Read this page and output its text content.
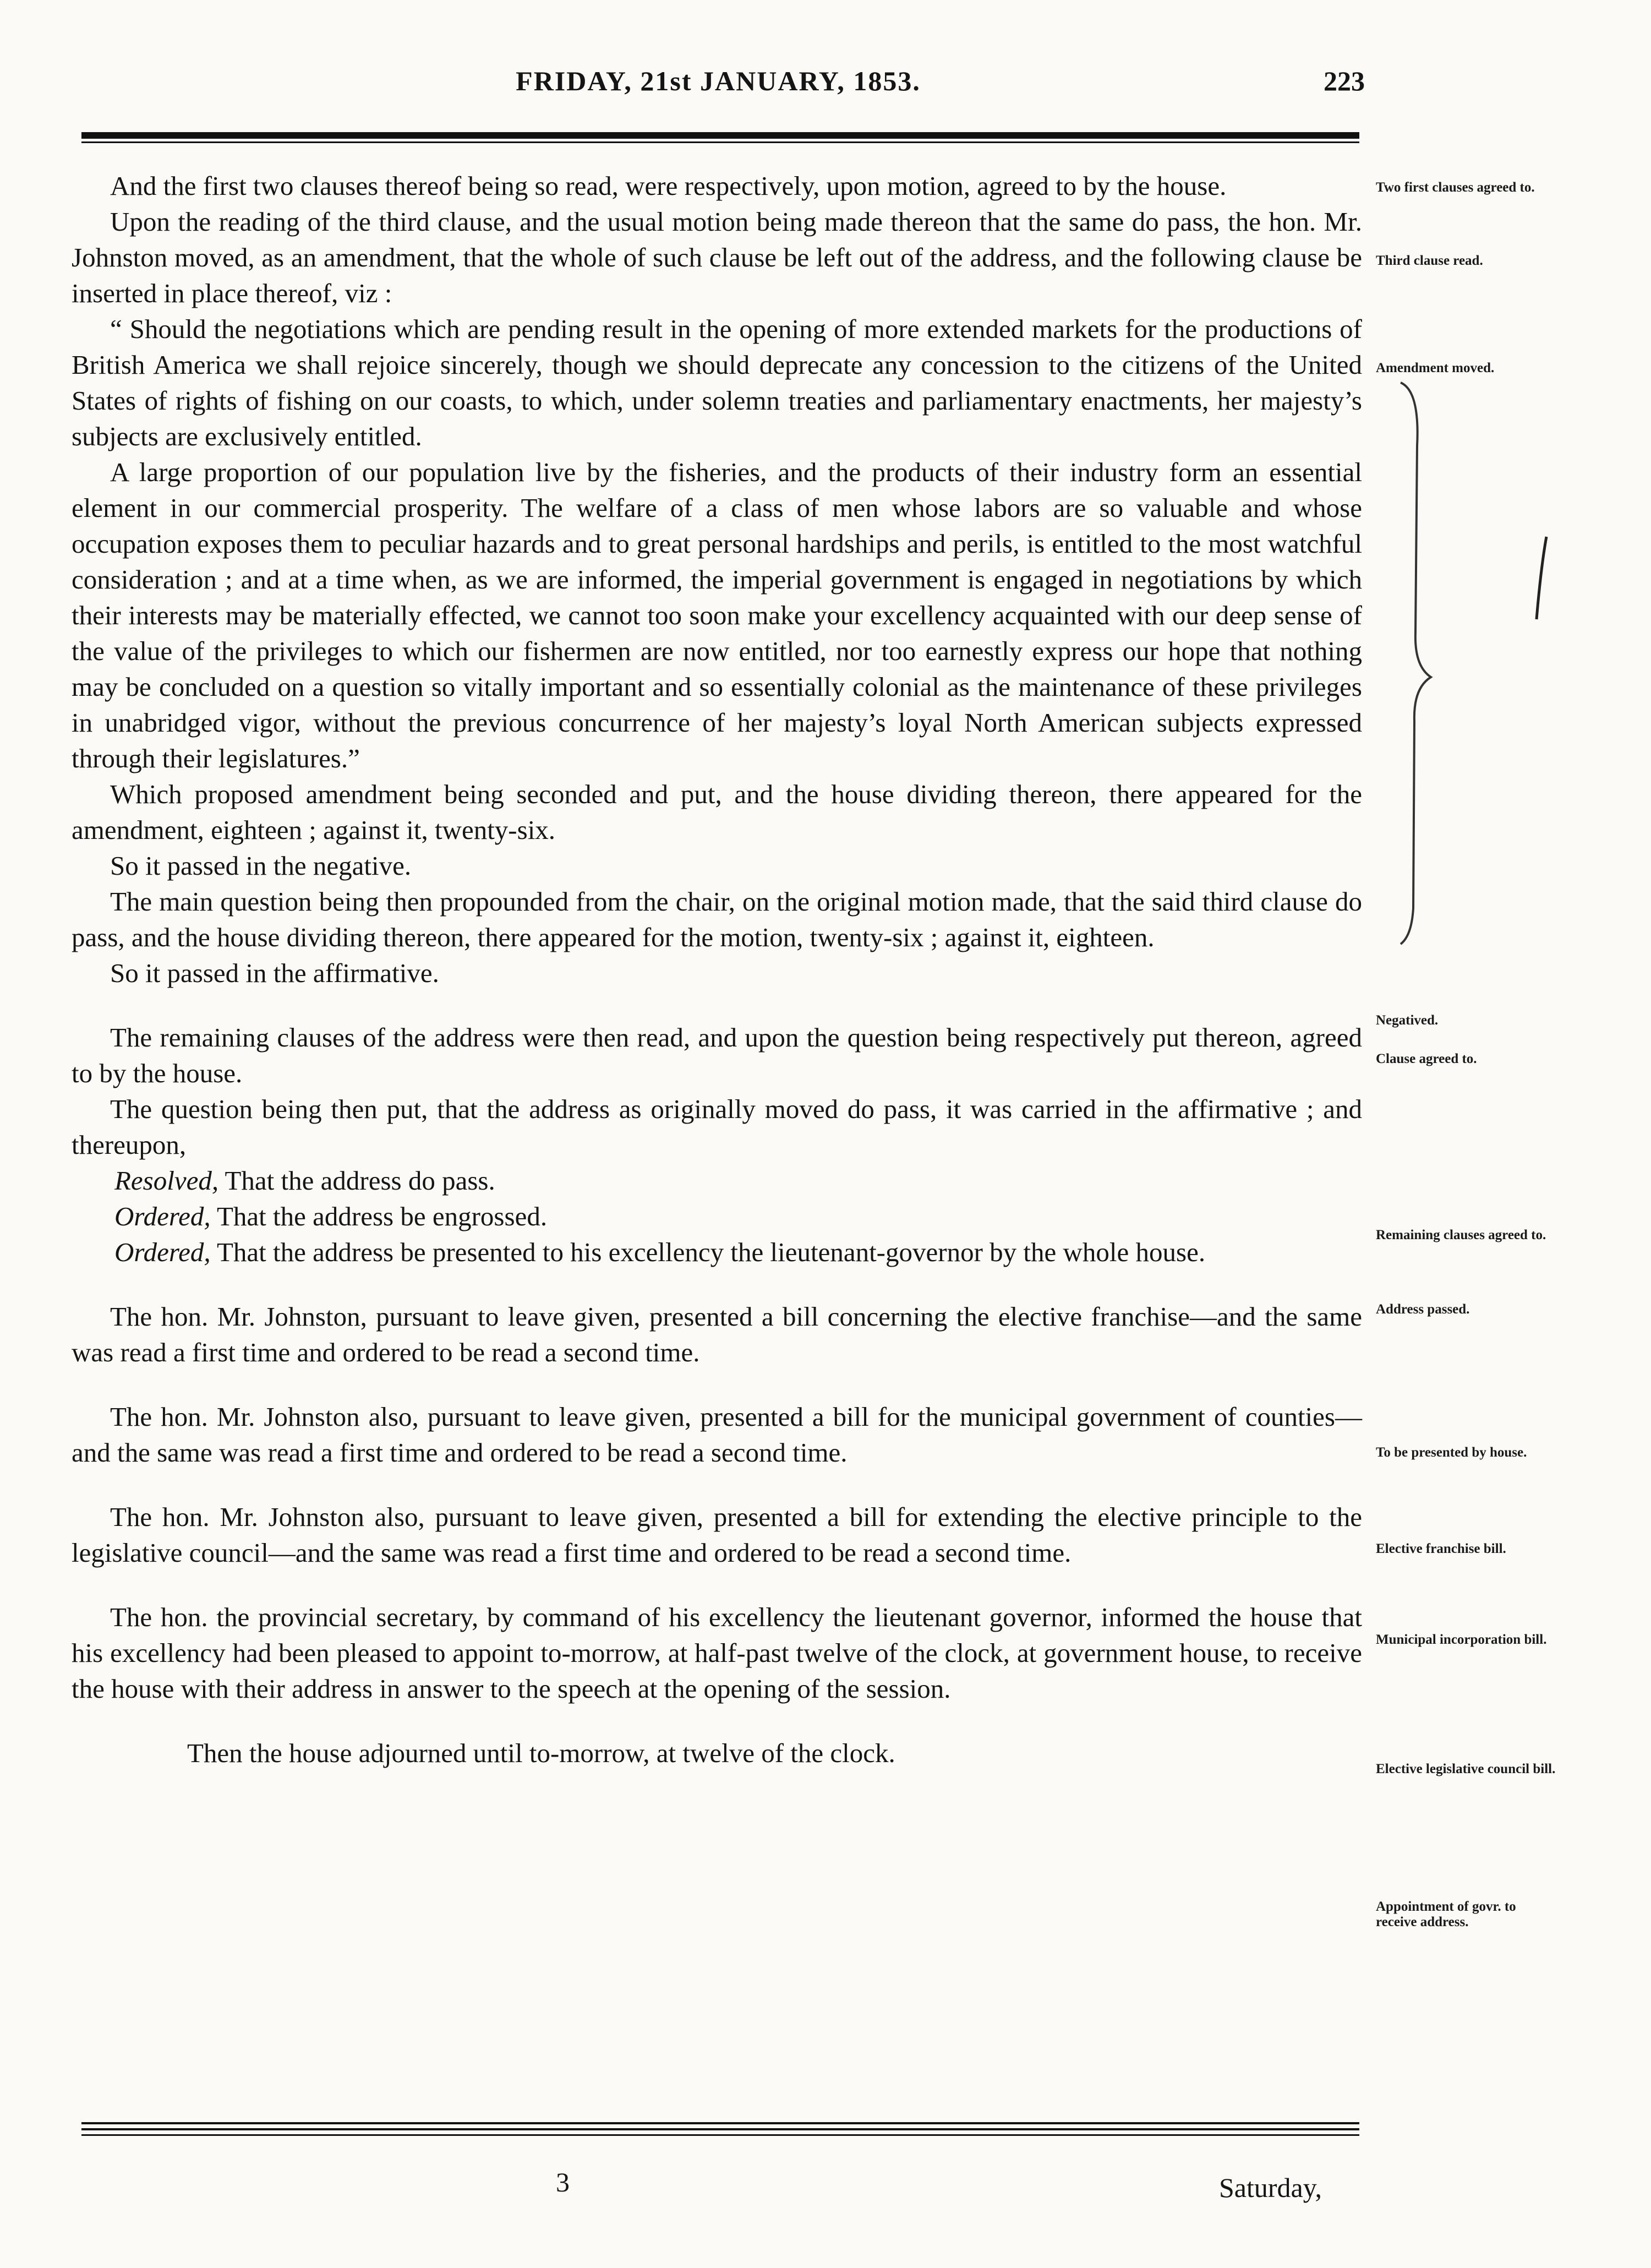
FRIDAY, 21st JANUARY, 1853.	223

And the first two clauses thereof being so read, were respectively, upon motion, agreed to by the house.

Upon the reading of the third clause, and the usual motion being made thereon that the same do pass, the hon. Mr. Johnston moved, as an amendment, that the whole of such clause be left out of the address, and the following clause be inserted in place thereof, viz :

“ Should the negotiations which are pending result in the opening of more extended markets for the productions of British America we shall rejoice sincerely, though we should deprecate any concession to the citizens of the United States of rights of fishing on our coasts, to which, under solemn treaties and parliamentary enactments, her majesty’s subjects are exclusively entitled.

A large proportion of our population live by the fisheries, and the products of their industry form an essential element in our commercial prosperity. The welfare of a class of men whose labors are so valuable and whose occupation exposes them to peculiar hazards and to great personal hardships and perils, is entitled to the most watchful consideration ; and at a time when, as we are informed, the imperial government is engaged in negotiations by which their interests may be materially effected, we cannot too soon make your excellency acquainted with our deep sense of the value of the privileges to which our fishermen are now entitled, nor too earnestly express our hope that nothing may be concluded on a question so vitally important and so essentially colonial as the maintenance of these privileges in unabridged vigor, without the previous concurrence of her majesty’s loyal North American subjects expressed through their legislatures.”

Which proposed amendment being seconded and put, and the house dividing thereon, there appeared for the amendment, eighteen ; against it, twenty-six.

So it passed in the negative.

The main question being then propounded from the chair, on the original motion made, that the said third clause do pass, and the house dividing thereon, there appeared for the motion, twenty-six ; against it, eighteen.

So it passed in the affirmative.

The remaining clauses of the address were then read, and upon the question being respectively put thereon, agreed to by the house.

The question being then put, that the address as originally moved do pass, it was carried in the affirmative ; and thereupon,

Resolved, That the address do pass.

Ordered, That the address be engrossed.

Ordered, That the address be presented to his excellency the lieutenant-governor by the whole house.

The hon. Mr. Johnston, pursuant to leave given, presented a bill concerning the elective franchise—and the same was read a first time and ordered to be read a second time.

The hon. Mr. Johnston also, pursuant to leave given, presented a bill for the municipal government of counties—and the same was read a first time and ordered to be read a second time.

The hon. Mr. Johnston also, pursuant to leave given, presented a bill for extending the elective principle to the legislative council—and the same was read a first time and ordered to be read a second time.

The hon. the provincial secretary, by command of his excellency the lieutenant governor, informed the house that his excellency had been pleased to appoint to-morrow, at half-past twelve of the clock, at government house, to receive the house with their address in answer to the speech at the opening of the session.

Then the house adjourned until to-morrow, at twelve of the clock.

Two first clauses agreed to.
Third clause read.
Amendment moved.
Negatived.
Clause agreed to.
Remaining clauses agreed to.
Address passed.
To be presented by house.
Elective franchise bill.
Municipal incorporation bill.
Elective legislative council bill.
Appointment of govr. to receive address.
3	Saturday,
